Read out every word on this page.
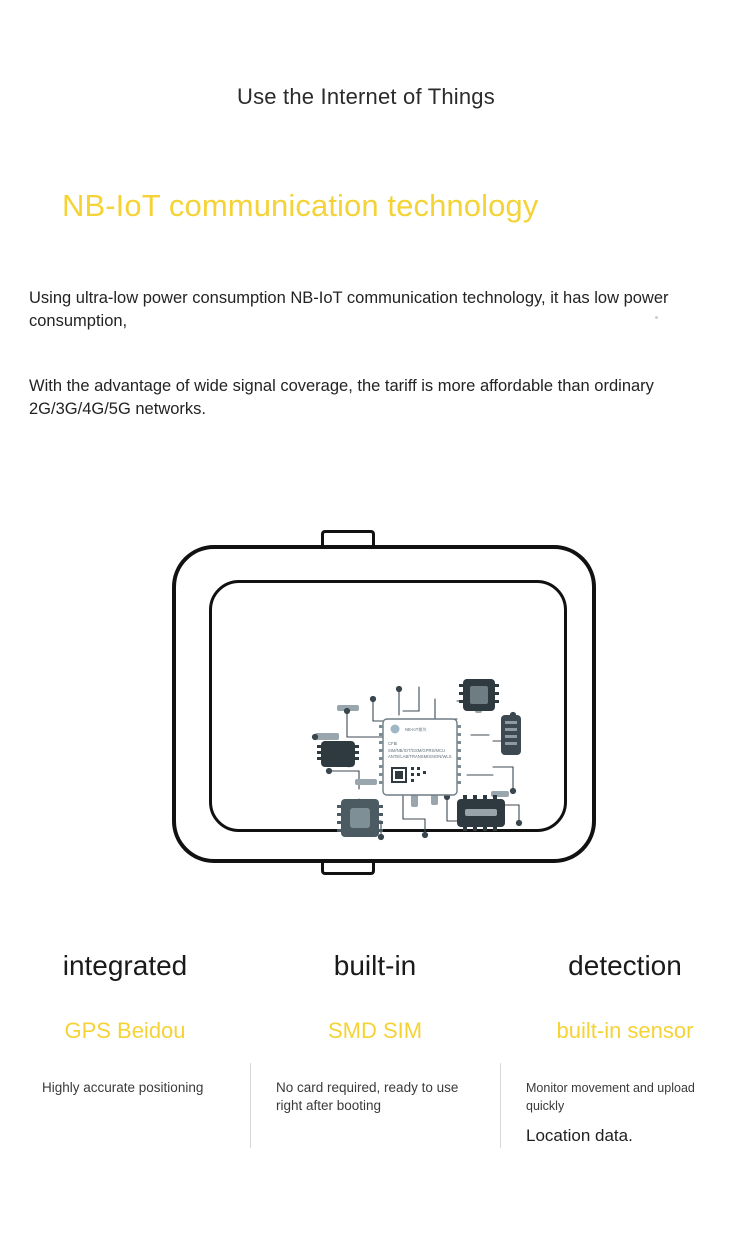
Use the Internet of Things
NB-IoT communication technology
Using ultra-low power consumption NB-IoT communication technology, it has low power consumption,
With the advantage of wide signal coverage, the tariff is more affordable than ordinary 2G/3G/4G/5G networks.
NB-IoT模块
CFBi
SIM/NB/IOT/GSM/GPRS/MCU
ANTE/LAB/TRANSMISSION/WLS
integrated
GPS Beidou
Highly accurate positioning
built-in
SMD SIM
No card required, ready to use right after booting
detection
built-in sensor
Monitor movement and upload quickly
Location data.
